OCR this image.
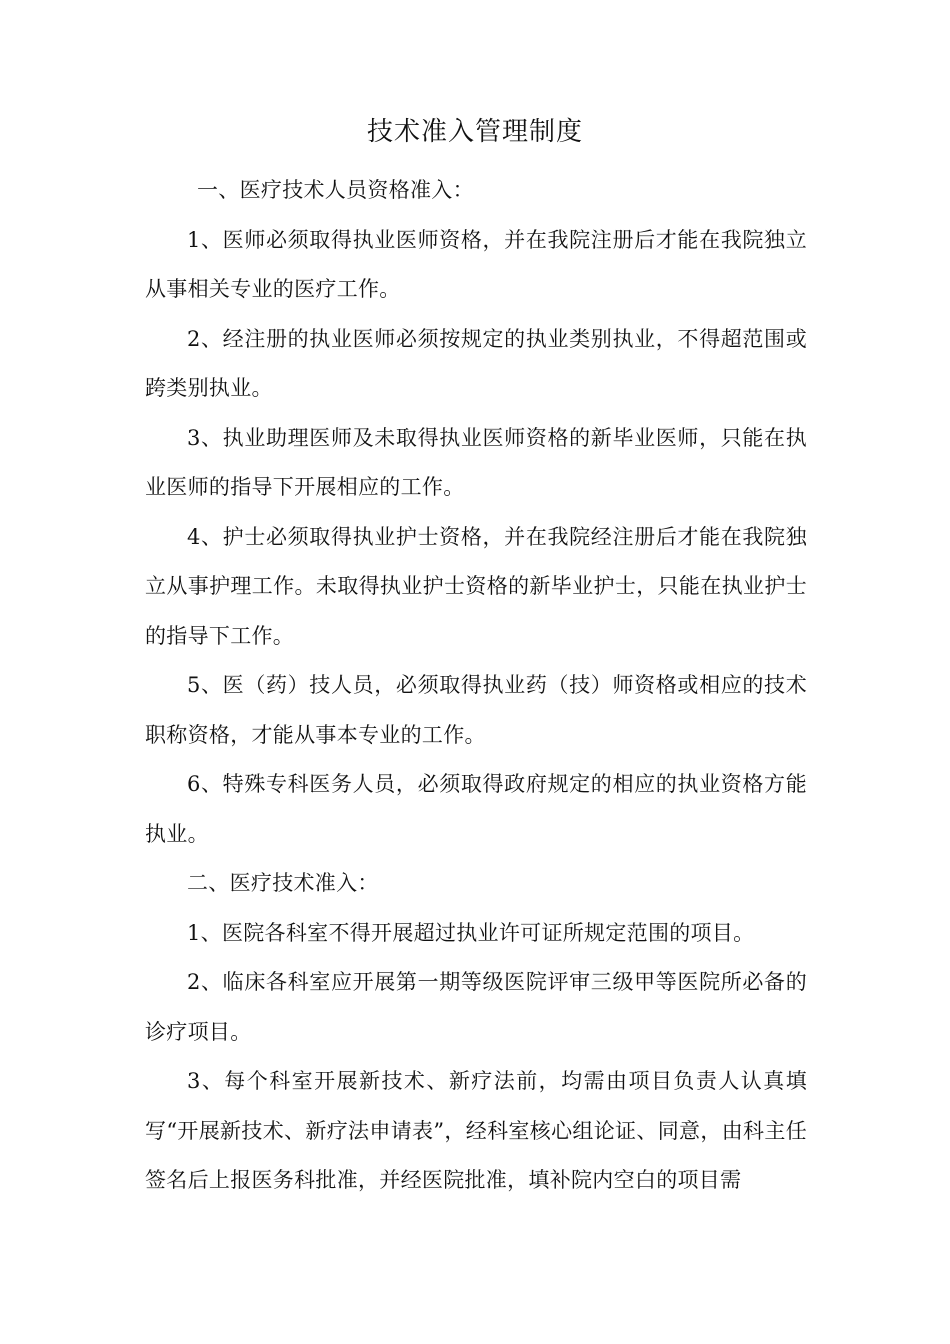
技术准入管理制度

一、医疗技术人员资格准入：

1、医师必须取得执业医师资格，并在我院注册后才能在我院独立从事相关专业的医疗工作。

2、经注册的执业医师必须按规定的执业类别执业，不得超范围或跨类别执业。

3、执业助理医师及未取得执业医师资格的新毕业医师，只能在执业医师的指导下开展相应的工作。

4、护士必须取得执业护士资格，并在我院经注册后才能在我院独立从事护理工作。未取得执业护士资格的新毕业护士，只能在执业护士的指导下工作。

5、医（药）技人员，必须取得执业药（技）师资格或相应的技术职称资格，才能从事本专业的工作。

6、特殊专科医务人员，必须取得政府规定的相应的执业资格方能执业。

二、医疗技术准入：

1、医院各科室不得开展超过执业许可证所规定范围的项目。

2、临床各科室应开展第一期等级医院评审三级甲等医院所必备的诊疗项目。

3、每个科室开展新技术、新疗法前，均需由项目负责人认真填写“开展新技术、新疗法申请表”，经科室核心组论证、同意，由科主任签名后上报医务科批准，并经医院批准，填补院内空白的项目需
